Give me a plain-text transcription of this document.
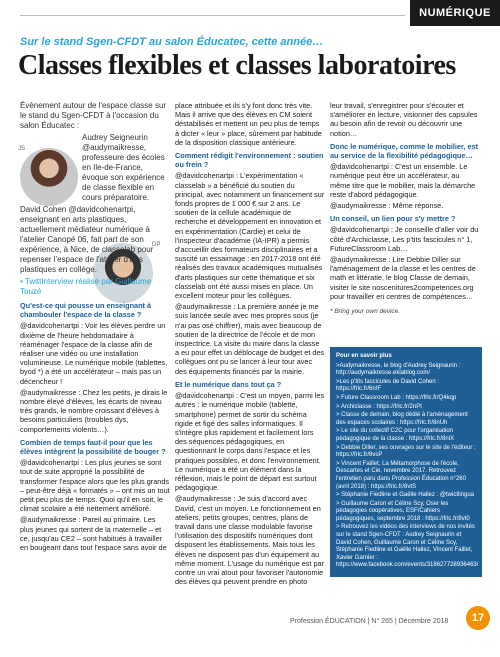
NUMÉRIQUE
Sur le stand Sgen-CFDT au salon Éducatec, cette année…
Classes flexibles et classes laboratoires
JS
DP

Évènement autour de l'espace classe sur le stand du Sgen-CFDT à l'occasion du salon Éducatec :

Audrey Seigneurin @audymaikresse, professeure des écoles en Ile-de-France, évoque son expérience de classe flexible en cours préparatoire.

David Cohen @davidcohenartpi, enseignant en arts plastiques, actuellement médiateur numérique à l'atelier Canopé 06, fait part de son expérience, à Nice, de classelab pour repenser l'espace de l'atelier d'arts plastiques en collège.

• TwittInterview réalisé par Guillaume Touzé

Qu'est-ce qui pousse un enseignant à chambouler l'espace de la classe ?

@davidcohenartpi : Voir les élèves perdre un dixième de l'heure hebdomadaire à réaménager l'espace de la classe afin de réaliser une vidéo ou une installation volumineuse. Le numérique mobile (tablettes, byod *) a été un accélérateur – mais pas un décencheur !

@audymaikresse : Chez les petits, je dirais le nombre élevé d'élèves, les écarts de niveau très grands, le nombre croissant d'élèves à besoins particuliers (troubles dys, comportements violents…).

Combien de temps faut-il pour que les élèves intègrent la possibilité de bouger ?

@davidcohenartpi : Les plus jeunes se sont tout de suite approprié la possibilité de transformer l'espace alors que les plus grands – peut-être déjà « formatés » – ont mis un tout petit peu plus de temps. Quoi qu'il en soit, le climat scolaire a été nettement amélioré.

@audymaikresse : Pareil au primaire. Les plus jeunes qui sortent de la maternelle – et ce, jusqu'au CE2 – sont habitués à travailler en bougeant dans tout l'espace sans avoir de

place attribuée et ils s'y font donc très vite. Mais il arrive que des élèves en CM soient déstabilisés et mettent un peu plus de temps à dicter « leur » place, sûrement par habitude de la disposition classique antérieure.

Comment rédigit l'environnement : soutien ou frein ?

@davidcohenartpi : L'expérimentation « classelab » a bénéficié du soutien du principal, avec notamment un financement sur fonds propres de 1 000 € sur 2 ans. Le soutien de la cellule académique de recherche et développement en innovation et en expérimentation (Cardie) et celui de l'inspecteur d'académie (IA-IPR) a permis d'accueillir des formateurs disciplinaires et a suscité un essaimage : en 2017-2018 ont été réalisés des travaux académiques mutualisés d'arts plastiques sur cette thématique et six classelab ont été aussi mises en place. Un excellent moteur pour les collègues.

@audymaikresse : La première année je me suis lancée seule avec mes propres sous (je n'ai pas osé chiffrer), mais avec beaucoup de soutien de la directrice de l'école et de mon inspectrice. La visite du maire dans la classe a eu pour effet un déblocage de budget et des collègues ont pu se lancer à leur tour avec des équipements financés par la mairie.

Et le numérique dans tout ça ?

@davidcohenartpi : C'est un moyen, parmi les autres : le numérique mobile (tablette, smartphone) permet de sortir du schéma rigide et figé des salles informatiques. Il s'intègre plus rapidement et facilement lors des séquences pédagogiques, en questionnant le corps dans l'espace et les pratiques possibles, et donc l'environnement. Le numérique a été un élément dans la réflexion, mais le point de départ est surtout pédagogique.

@audymaikresse : Je suis d'accord avec David, c'est un moyen. Le fonctionnement en ateliers, petits groupes, centres, plans de travail dans une classe modulable favorise l'utilisation des dispositifs numériques dont disposent les établissements. Mais tous les élèves ne disposent pas d'un équipement au même moment. L'usage du numérique est par contre un vrai atout pour favoriser l'autonomie des élèves qui peuvent prendre en photo

leur travail, s'enregistrer pour s'écouter et s'améliorer en lecture, visionner des capsules au besoin afin de revoir ou découvrir une notion…

Donc le numérique, comme le mobilier, est au service de la flexibilité pédagogique…

@davidcohenartpi : C'est un ensemble. Le numérique peut être un accélérateur, au même titre que le mobilier, mais la démarche reste d'abord pédagogique.

@audymaikresse : Même réponse.

Un conseil, un lien pour s'y mettre ?

@davidcohenartpi : Je conseille d'aller voir du côté d'Archiclasse, Les p'tits fascicules n° 1, FutureClassroom Lab…

@audymaikresse : Lire Debbie Diller sur l'aménagement de la classe et les centres de math et littératie, le blog Classe de demain, visiter le site noscenitures2competences.org pour travailler en centres de compétences…

* Bring your own device.

Pour en savoir plus
>Audymaikresse, le blog d'Audrey Seignaurin : http://audymaikresse.eklablog.com/
>Les p'tits fascicules de David Cohen : https://frlc.fr/6n!F
> Future Classroom Lab : https://frlc.fr/Q4kqp
> Archiclasse : https://frlc.fr/2nPt
> Classe de demain, blog dédié à l'aménagement des espaces scolaires : https://frlc.fr/8nUh
> Le site du collectif C2C pour l'organisation pédagogique de la classe : https://frlc.fr/8nlX
> Debbie Diller, ses ouvrages sur le site de l'éditeur : https://frlc.fr/8vsP
> Vincent Faillet, La Métamorphose de l'école, Descartes et Cie, novembre 2017. Retrouvez l'entretien paru dans Profession Éducation n°260 (avril 2018) : https://frlc.fr/8vtS
> Stéphanie Fiedline et Gaëlle Hallez : @twictlingua
> Guillaume Caron et Céline Scy, Oser les pédagogies coopératives, ESF/Cahiers pédagogiques, septembre 2018 : https://frlc.fr/8vt0
> Retrouvez les vidéos des interviews de nos invités sur le stand Sgen-CFDT : Audrey Seignaurin et David Cohen, Guillaume Caron et Céline Scy, Stéphanie Fiedline et Gaëlle Hallez, Vincent Faillet, Xavier Garnier : https://www.facebook.com/events/318627728936463/
Profession ÉDUCATION | N° 265 | Décembre 2018	17
